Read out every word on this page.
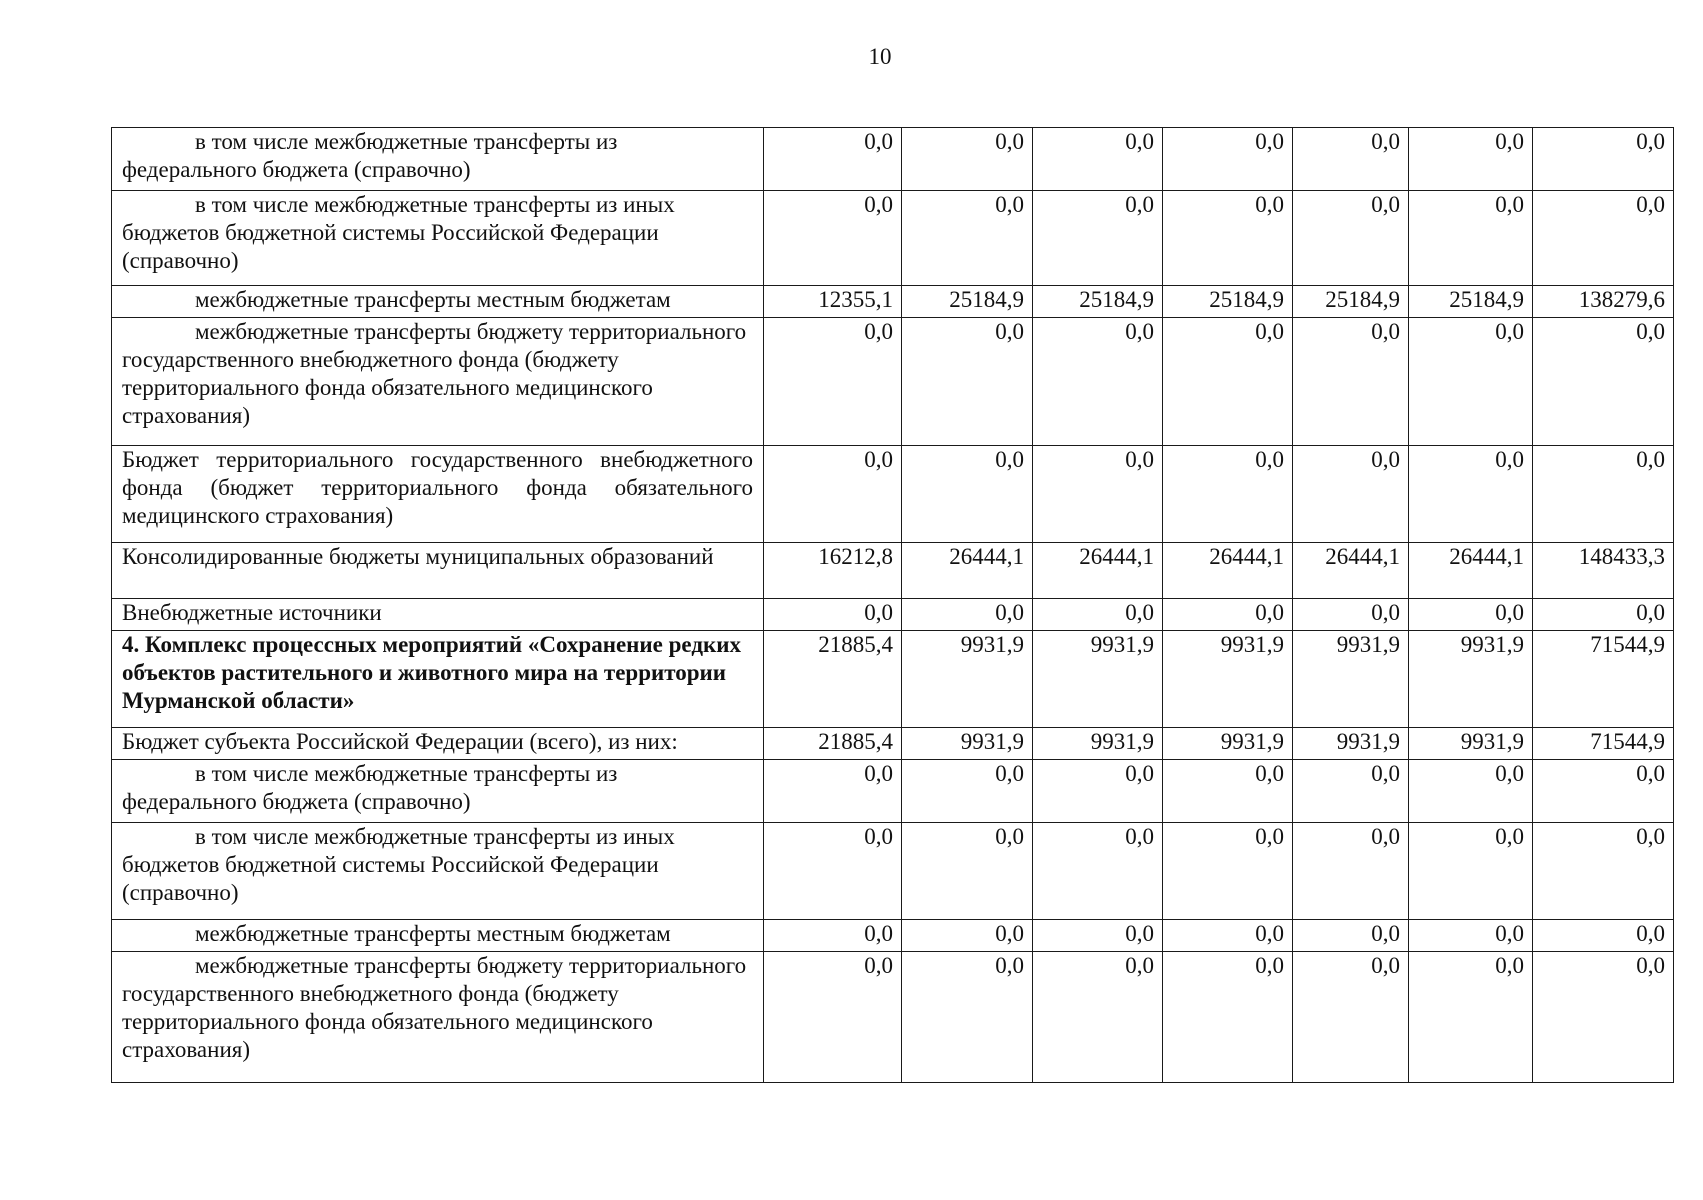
10
в том числе межбюджетные трансферты из федерального бюджета (справочно)	0,0	0,0	0,0	0,0	0,0	0,0	0,0
в том числе межбюджетные трансферты из иных бюджетов бюджетной системы Российской Федерации (справочно)	0,0	0,0	0,0	0,0	0,0	0,0	0,0
межбюджетные трансферты местным бюджетам	12355,1	25184,9	25184,9	25184,9	25184,9	25184,9	138279,6
межбюджетные трансферты бюджету территориального государственного внебюджетного фонда (бюджету территориального фонда обязательного медицинского страхования)	0,0	0,0	0,0	0,0	0,0	0,0	0,0
Бюджет территориального государственного внебюджетного фонда (бюджет территориального фонда обязательного медицинского страхования)	0,0	0,0	0,0	0,0	0,0	0,0	0,0
Консолидированные бюджеты муниципальных образований	16212,8	26444,1	26444,1	26444,1	26444,1	26444,1	148433,3
Внебюджетные источники	0,0	0,0	0,0	0,0	0,0	0,0	0,0
4. Комплекс процессных мероприятий «Сохранение редких объектов растительного и животного мира на территории Мурманской области»	21885,4	9931,9	9931,9	9931,9	9931,9	9931,9	71544,9
Бюджет субъекта Российской Федерации (всего), из них:	21885,4	9931,9	9931,9	9931,9	9931,9	9931,9	71544,9
в том числе межбюджетные трансферты из федерального бюджета (справочно)	0,0	0,0	0,0	0,0	0,0	0,0	0,0
в том числе межбюджетные трансферты из иных бюджетов бюджетной системы Российской Федерации (справочно)	0,0	0,0	0,0	0,0	0,0	0,0	0,0
межбюджетные трансферты местным бюджетам	0,0	0,0	0,0	0,0	0,0	0,0	0,0
межбюджетные трансферты бюджету территориального государственного внебюджетного фонда (бюджету территориального фонда обязательного медицинского страхования)	0,0	0,0	0,0	0,0	0,0	0,0	0,0
